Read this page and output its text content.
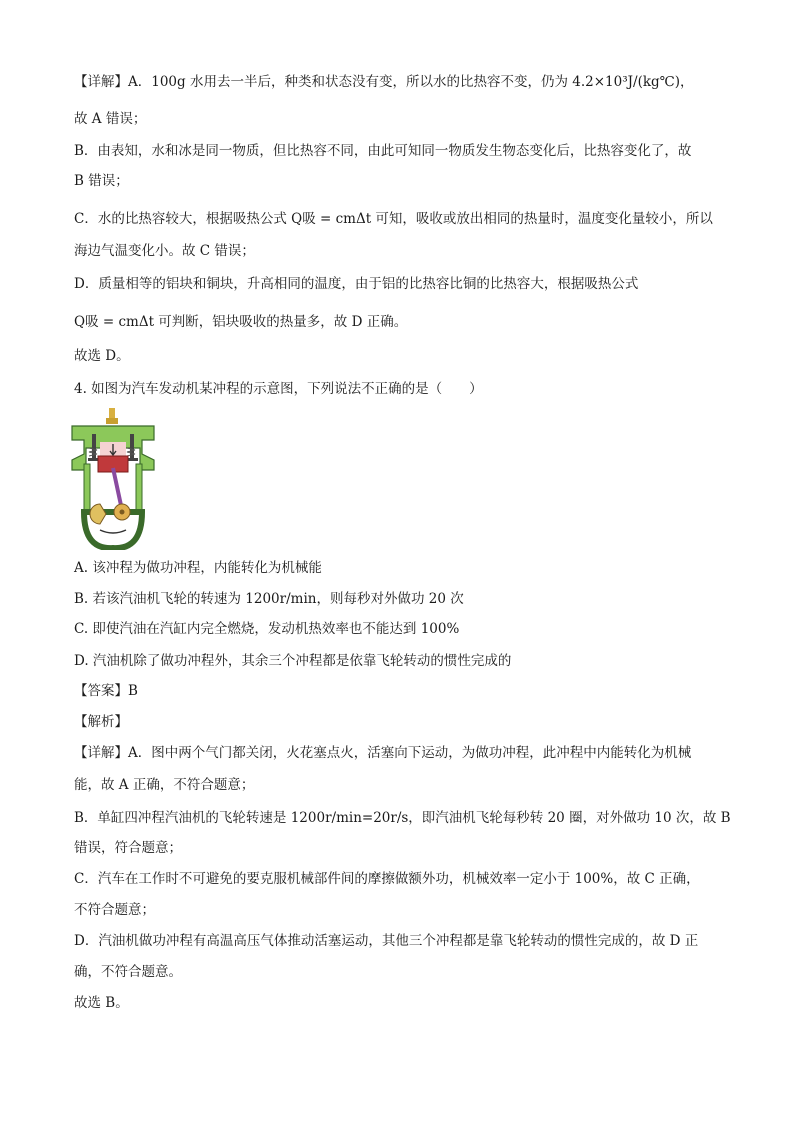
【详解】A．100g 水用去一半后，种类和状态没有变，所以水的比热容不变，仍为 4.2×10³J/(kg℃)，
故 A 错误；
B．由表知，水和冰是同一物质，但比热容不同，由此可知同一物质发生物态变化后，比热容变化了，故
B 错误；
C．水的比热容较大，根据吸热公式 Q吸 = cmΔt 可知，吸收或放出相同的热量时，温度变化量较小，所以
海边气温变化小。故 C 错误；
D．质量相等的铝块和铜块，升高相同的温度，由于铝的比热容比铜的比热容大，根据吸热公式
Q吸 = cmΔt 可判断，铝块吸收的热量多，故 D 正确。
故选 D。
4. 如图为汽车发动机某冲程的示意图，下列说法不正确的是（　　）
A. 该冲程为做功冲程，内能转化为机械能
B. 若该汽油机飞轮的转速为 1200r/min，则每秒对外做功 20 次
C. 即使汽油在汽缸内完全燃烧，发动机热效率也不能达到 100%
D. 汽油机除了做功冲程外，其余三个冲程都是依靠飞轮转动的惯性完成的
【答案】B
【解析】
【详解】A．图中两个气门都关闭，火花塞点火，活塞向下运动，为做功冲程，此冲程中内能转化为机械
能，故 A 正确，不符合题意；
B．单缸四冲程汽油机的飞轮转速是 1200r/min=20r/s，即汽油机飞轮每秒转 20 圈，对外做功 10 次，故 B
错误，符合题意；
C．汽车在工作时不可避免的要克服机械部件间的摩擦做额外功，机械效率一定小于 100%，故 C 正确，
不符合题意；
D．汽油机做功冲程有高温高压气体推动活塞运动，其他三个冲程都是靠飞轮转动的惯性完成的，故 D 正
确，不符合题意。
故选 B。
